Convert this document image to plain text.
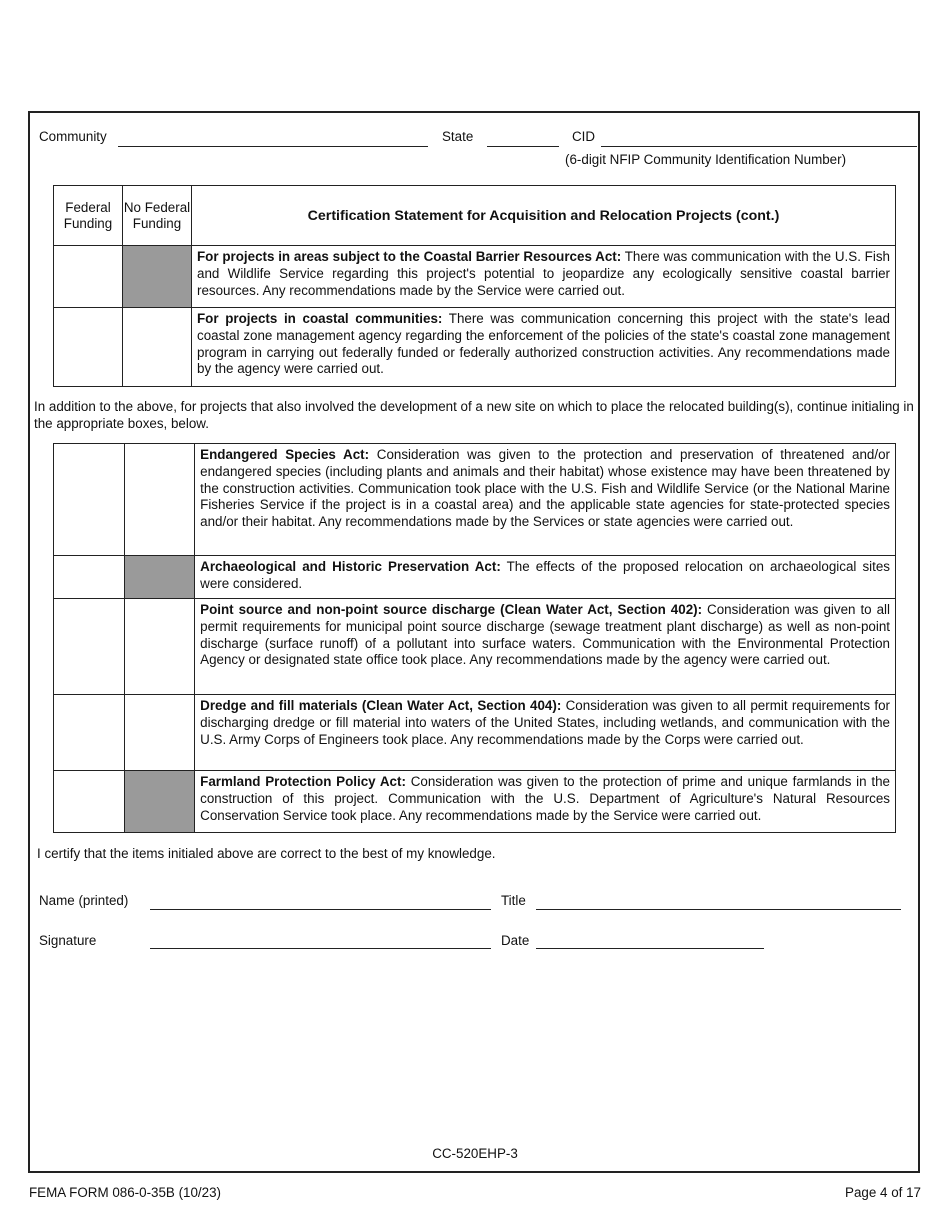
Community	State	CID
(6-digit NFIP Community Identification Number)
Federal Funding	No Federal Funding	Certification Statement for Acquisition and Relocation Projects (cont.)
		For projects in areas subject to the Coastal Barrier Resources Act: There was communication with the U.S. Fish and Wildlife Service regarding this project's potential to jeopardize any ecologically sensitive coastal barrier resources. Any recommendations made by the Service were carried out.
		For projects in coastal communities: There was communication concerning this project with the state's lead coastal zone management agency regarding the enforcement of the policies of the state's coastal zone management program in carrying out federally funded or federally authorized construction activities. Any recommendations made by the agency were carried out.
In addition to the above, for projects that also involved the development of a new site on which to place the relocated building(s), continue initialing in the appropriate boxes, below.
		Endangered Species Act: Consideration was given to the protection and preservation of threatened and/or endangered species (including plants and animals and their habitat) whose existence may have been threatened by the construction activities. Communication took place with the U.S. Fish and Wildlife Service (or the National Marine Fisheries Service if the project is in a coastal area) and the applicable state agencies for state-protected species and/or their habitat. Any recommendations made by the Services or state agencies were carried out.
		Archaeological and Historic Preservation Act: The effects of the proposed relocation on archaeological sites were considered.
		Point source and non-point source discharge (Clean Water Act, Section 402): Consideration was given to all permit requirements for municipal point source discharge (sewage treatment plant discharge) as well as non-point discharge (surface runoff) of a pollutant into surface waters. Communication with the Environmental Protection Agency or designated state office took place. Any recommendations made by the agency were carried out.
		Dredge and fill materials (Clean Water Act, Section 404): Consideration was given to all permit requirements for discharging dredge or fill material into waters of the United States, including wetlands, and communication with the U.S. Army Corps of Engineers took place. Any recommendations made by the Corps were carried out.
		Farmland Protection Policy Act: Consideration was given to the protection of prime and unique farmlands in the construction of this project. Communication with the U.S. Department of Agriculture's Natural Resources Conservation Service took place. Any recommendations made by the Service were carried out.
I certify that the items initialed above are correct to the best of my knowledge.
Name (printed)	Title
Signature	Date
CC-520EHP-3
FEMA FORM 086-0-35B (10/23)	Page 4 of 17
